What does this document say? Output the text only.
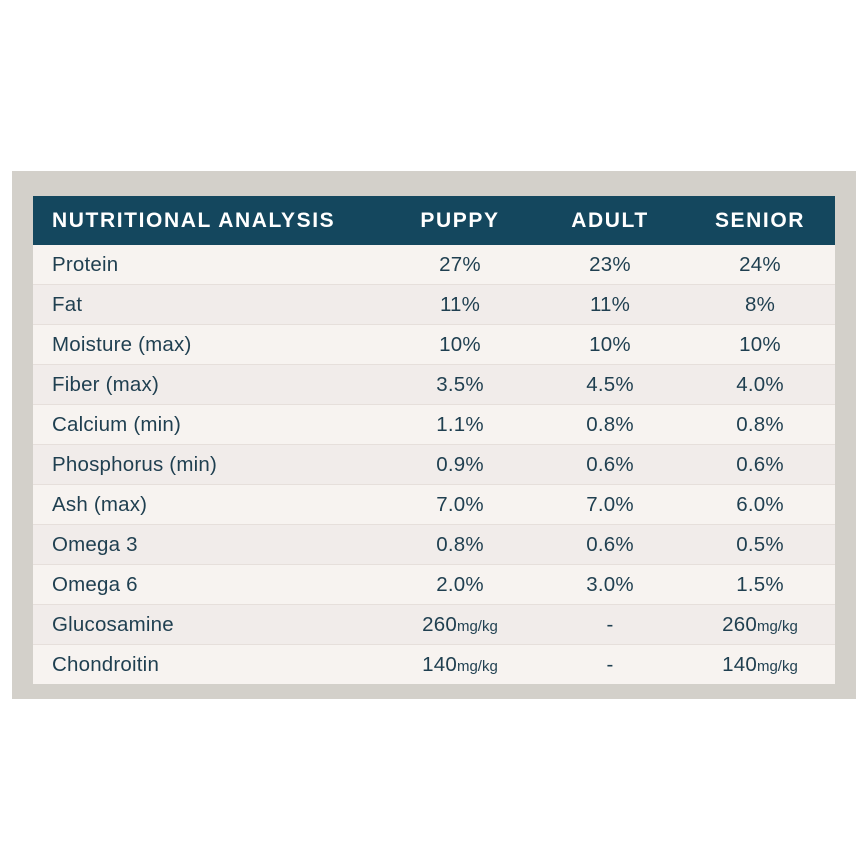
NUTRITIONAL ANALYSIS	PUPPY	ADULT	SENIOR
Protein	27%	23%	24%
Fat	11%	11%	8%
Moisture (max)	10%	10%	10%
Fiber (max)	3.5%	4.5%	4.0%
Calcium (min)	1.1%	0.8%	0.8%
Phosphorus (min)	0.9%	0.6%	0.6%
Ash (max)	7.0%	7.0%	6.0%
Omega 3	0.8%	0.6%	0.5%
Omega 6	2.0%	3.0%	1.5%
Glucosamine	260mg/kg	-	260mg/kg
Chondroitin	140mg/kg	-	140mg/kg
